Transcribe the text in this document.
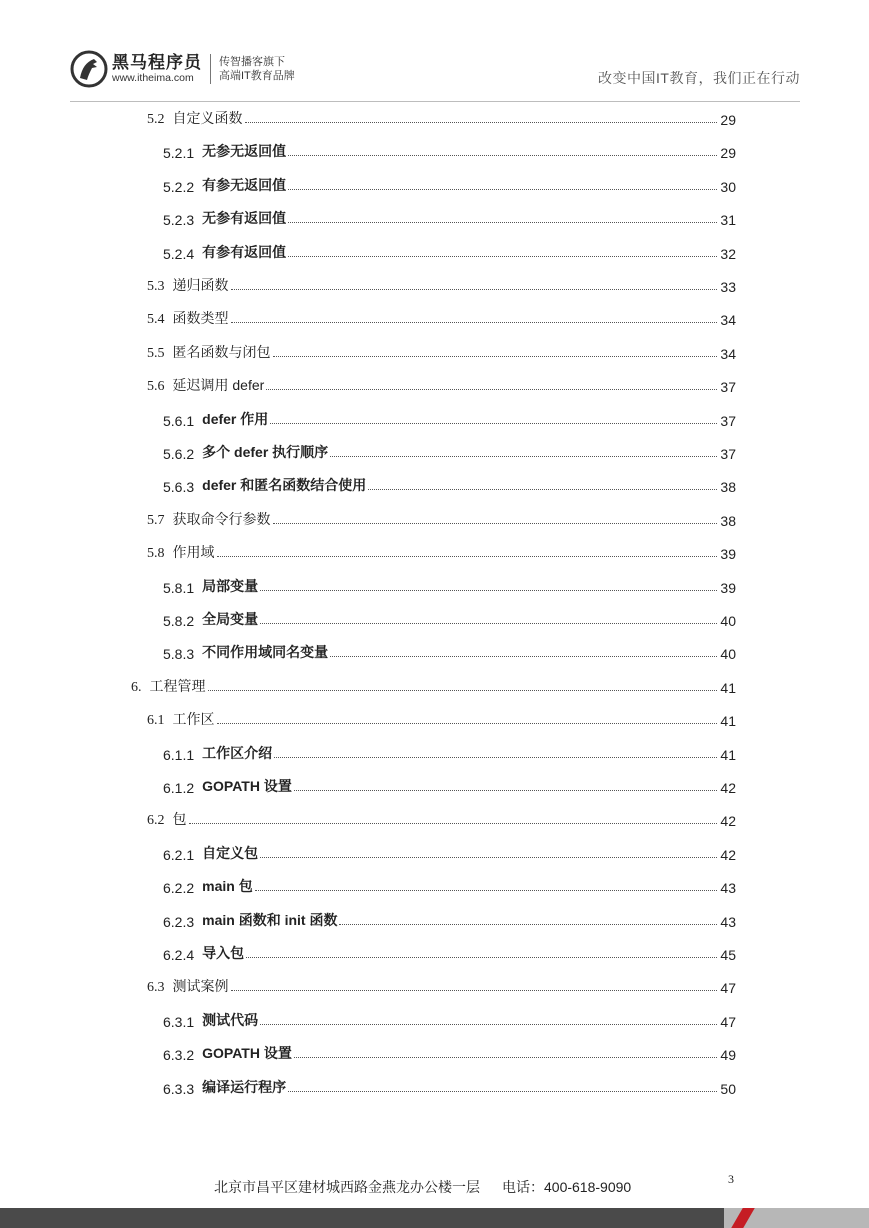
黑马程序员
www.itheima.com
传智播客旗下
高端IT教育品牌	改变中国IT教育，我们正在行动
5.2 自定义函数	29
5.2.1 无参无返回值	29
5.2.2 有参无返回值	30
5.2.3 无参有返回值	31
5.2.4 有参有返回值	32
5.3 递归函数	33
5.4 函数类型	34
5.5 匿名函数与闭包	34
5.6 延迟调用 defer	37
5.6.1 defer 作用	37
5.6.2 多个 defer 执行顺序	37
5.6.3 defer 和匿名函数结合使用	38
5.7 获取命令行参数	38
5.8 作用域	39
5.8.1 局部变量	39
5.8.2 全局变量	40
5.8.3 不同作用域同名变量	40
6. 工程管理	41
6.1 工作区	41
6.1.1 工作区介绍	41
6.1.2 GOPATH 设置	42
6.2 包	42
6.2.1 自定义包	42
6.2.2 main 包	43
6.2.3 main 函数和 init 函数	43
6.2.4 导入包	45
6.3 测试案例	47
6.3.1 测试代码	47
6.3.2 GOPATH 设置	49
6.3.3 编译运行程序	50
3
北京市昌平区建材城西路金燕龙办公楼一层 电话：400-618-9090
